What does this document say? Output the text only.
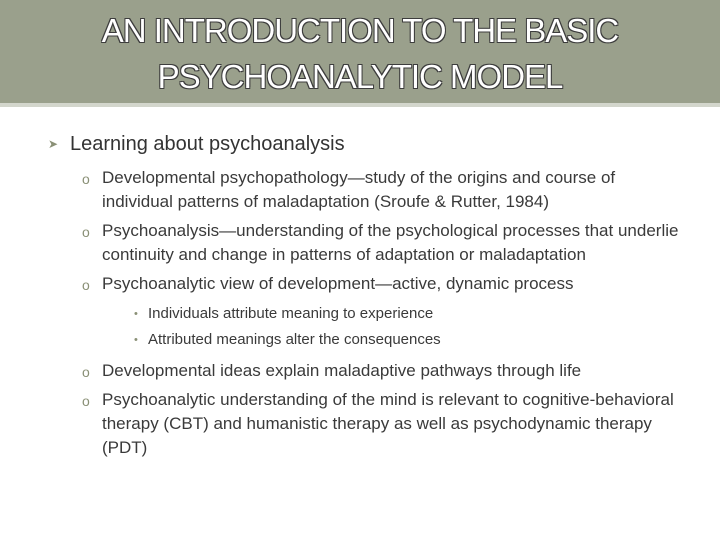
AN INTRODUCTION TO THE BASIC
PSYCHOANALYTIC MODEL
➤ Learning about psychoanalysis
o Developmental psychopathology—study of the origins and course of individual patterns of maladaptation (Sroufe & Rutter, 1984)
o Psychoanalysis—understanding of the psychological processes that underlie continuity and change in patterns of adaptation or maladaptation
o Psychoanalytic view of development—active, dynamic process
• Individuals attribute meaning to experience
• Attributed meanings alter the consequences
o Developmental ideas explain maladaptive pathways through life
o Psychoanalytic understanding of the mind is relevant to cognitive-behavioral therapy (CBT) and humanistic therapy as well as psychodynamic therapy (PDT)
